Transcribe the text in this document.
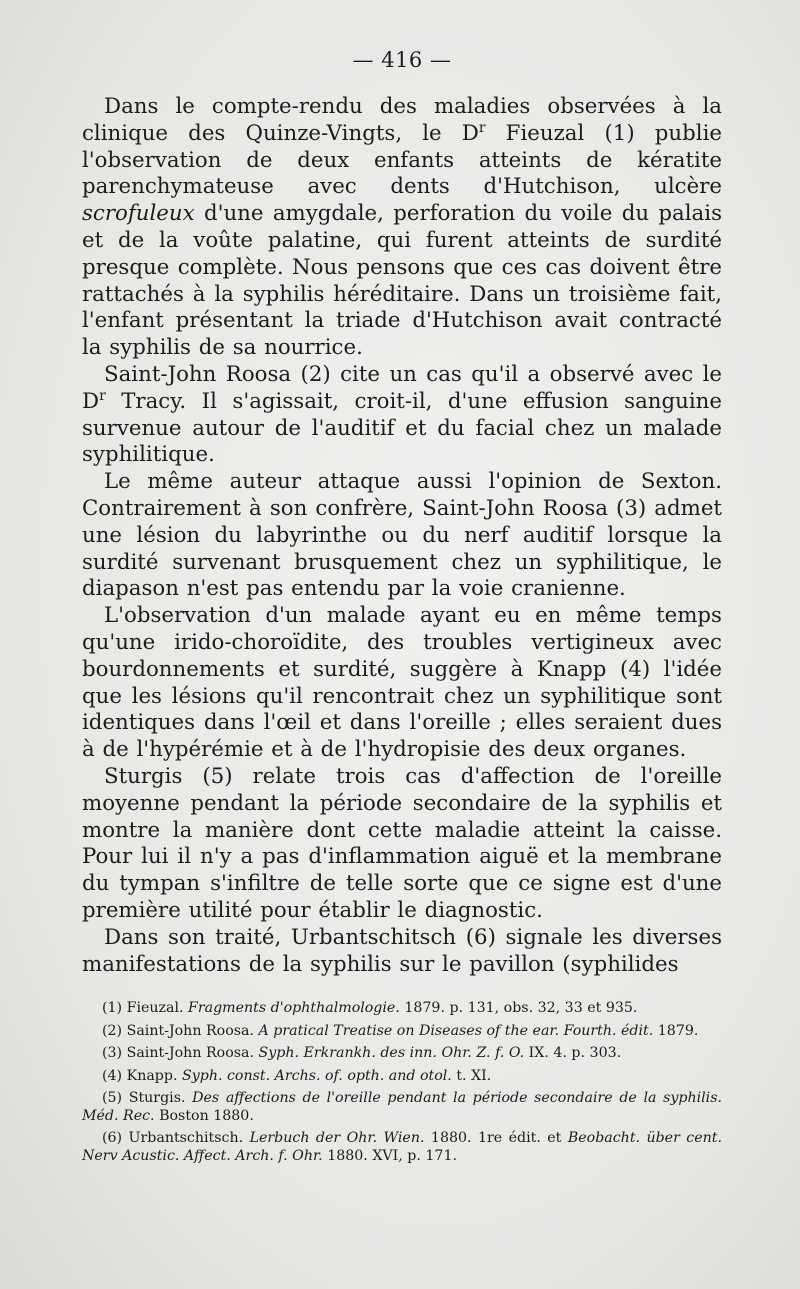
— 416 —

Dans le compte-rendu des maladies observées à la clinique des Quinze-Vingts, le $D^r$ Fieuzal (1) publie l'observation de deux enfants atteints de kératite parenchymateuse avec dents d'Hutchison, ulcère scrofuleux d'une amygdale, perforation du voile du palais et de la voûte palatine, qui furent atteints de surdité presque complète. Nous pensons que ces cas doivent être rattachés à la syphilis héréditaire. Dans un troisième fait, l'enfant présentant la triade d'Hutchison avait contracté la syphilis de sa nourrice.

Saint-John Roosa (2) cite un cas qu'il a observé avec le $D^r$ Tracy. Il s'agissait, croit-il, d'une effusion sanguine survenue autour de l'auditif et du facial chez un malade syphilitique.

Le même auteur attaque aussi l'opinion de Sexton. Contrairement à son confrère, Saint-John Roosa (3) admet une lésion du labyrinthe ou du nerf auditif lorsque la surdité survenant brusquement chez un syphilitique, le diapason n'est pas entendu par la voie cranienne.

L'observation d'un malade ayant eu en même temps qu'une irido-choroïdite, des troubles vertigineux avec bourdonnements et surdité, suggère à Knapp (4) l'idée que les lésions qu'il rencontrait chez un syphilitique sont identiques dans l'œil et dans l'oreille ; elles seraient dues à de l'hypérémie et à de l'hydropisie des deux organes.

Sturgis (5) relate trois cas d'affection de l'oreille moyenne pendant la période secondaire de la syphilis et montre la manière dont cette maladie atteint la caisse. Pour lui il n'y a pas d'inflammation aiguë et la membrane du tympan s'infiltre de telle sorte que ce signe est d'une première utilité pour établir le diagnostic.

Dans son traité, Urbantschitsch (6) signale les diverses manifestations de la syphilis sur le pavillon (syphilides

(1) Fieuzal. Fragments d'ophthalmologie. 1879. p. 131, obs. 32, 33 et 935.

(2) Saint-John Roosa. A pratical Treatise on Diseases of the ear. Fourth. édit. 1879.

(3) Saint-John Roosa. Syph. Erkrankh. des inn. Ohr. Z. f. O. IX. 4. p. 303.

(4) Knapp. Syph. const. Archs. of. opth. and otol. t. XI.

(5) Sturgis. Des affections de l'oreille pendant la période secondaire de la syphilis. Méd. Rec. Boston 1880.

(6) Urbantschitsch. Lerbuch der Ohr. Wien. 1880. 1re édit. et Beobacht. über cent. Nerv Acustic. Affect. Arch. f. Ohr. 1880. XVI, p. 171.
